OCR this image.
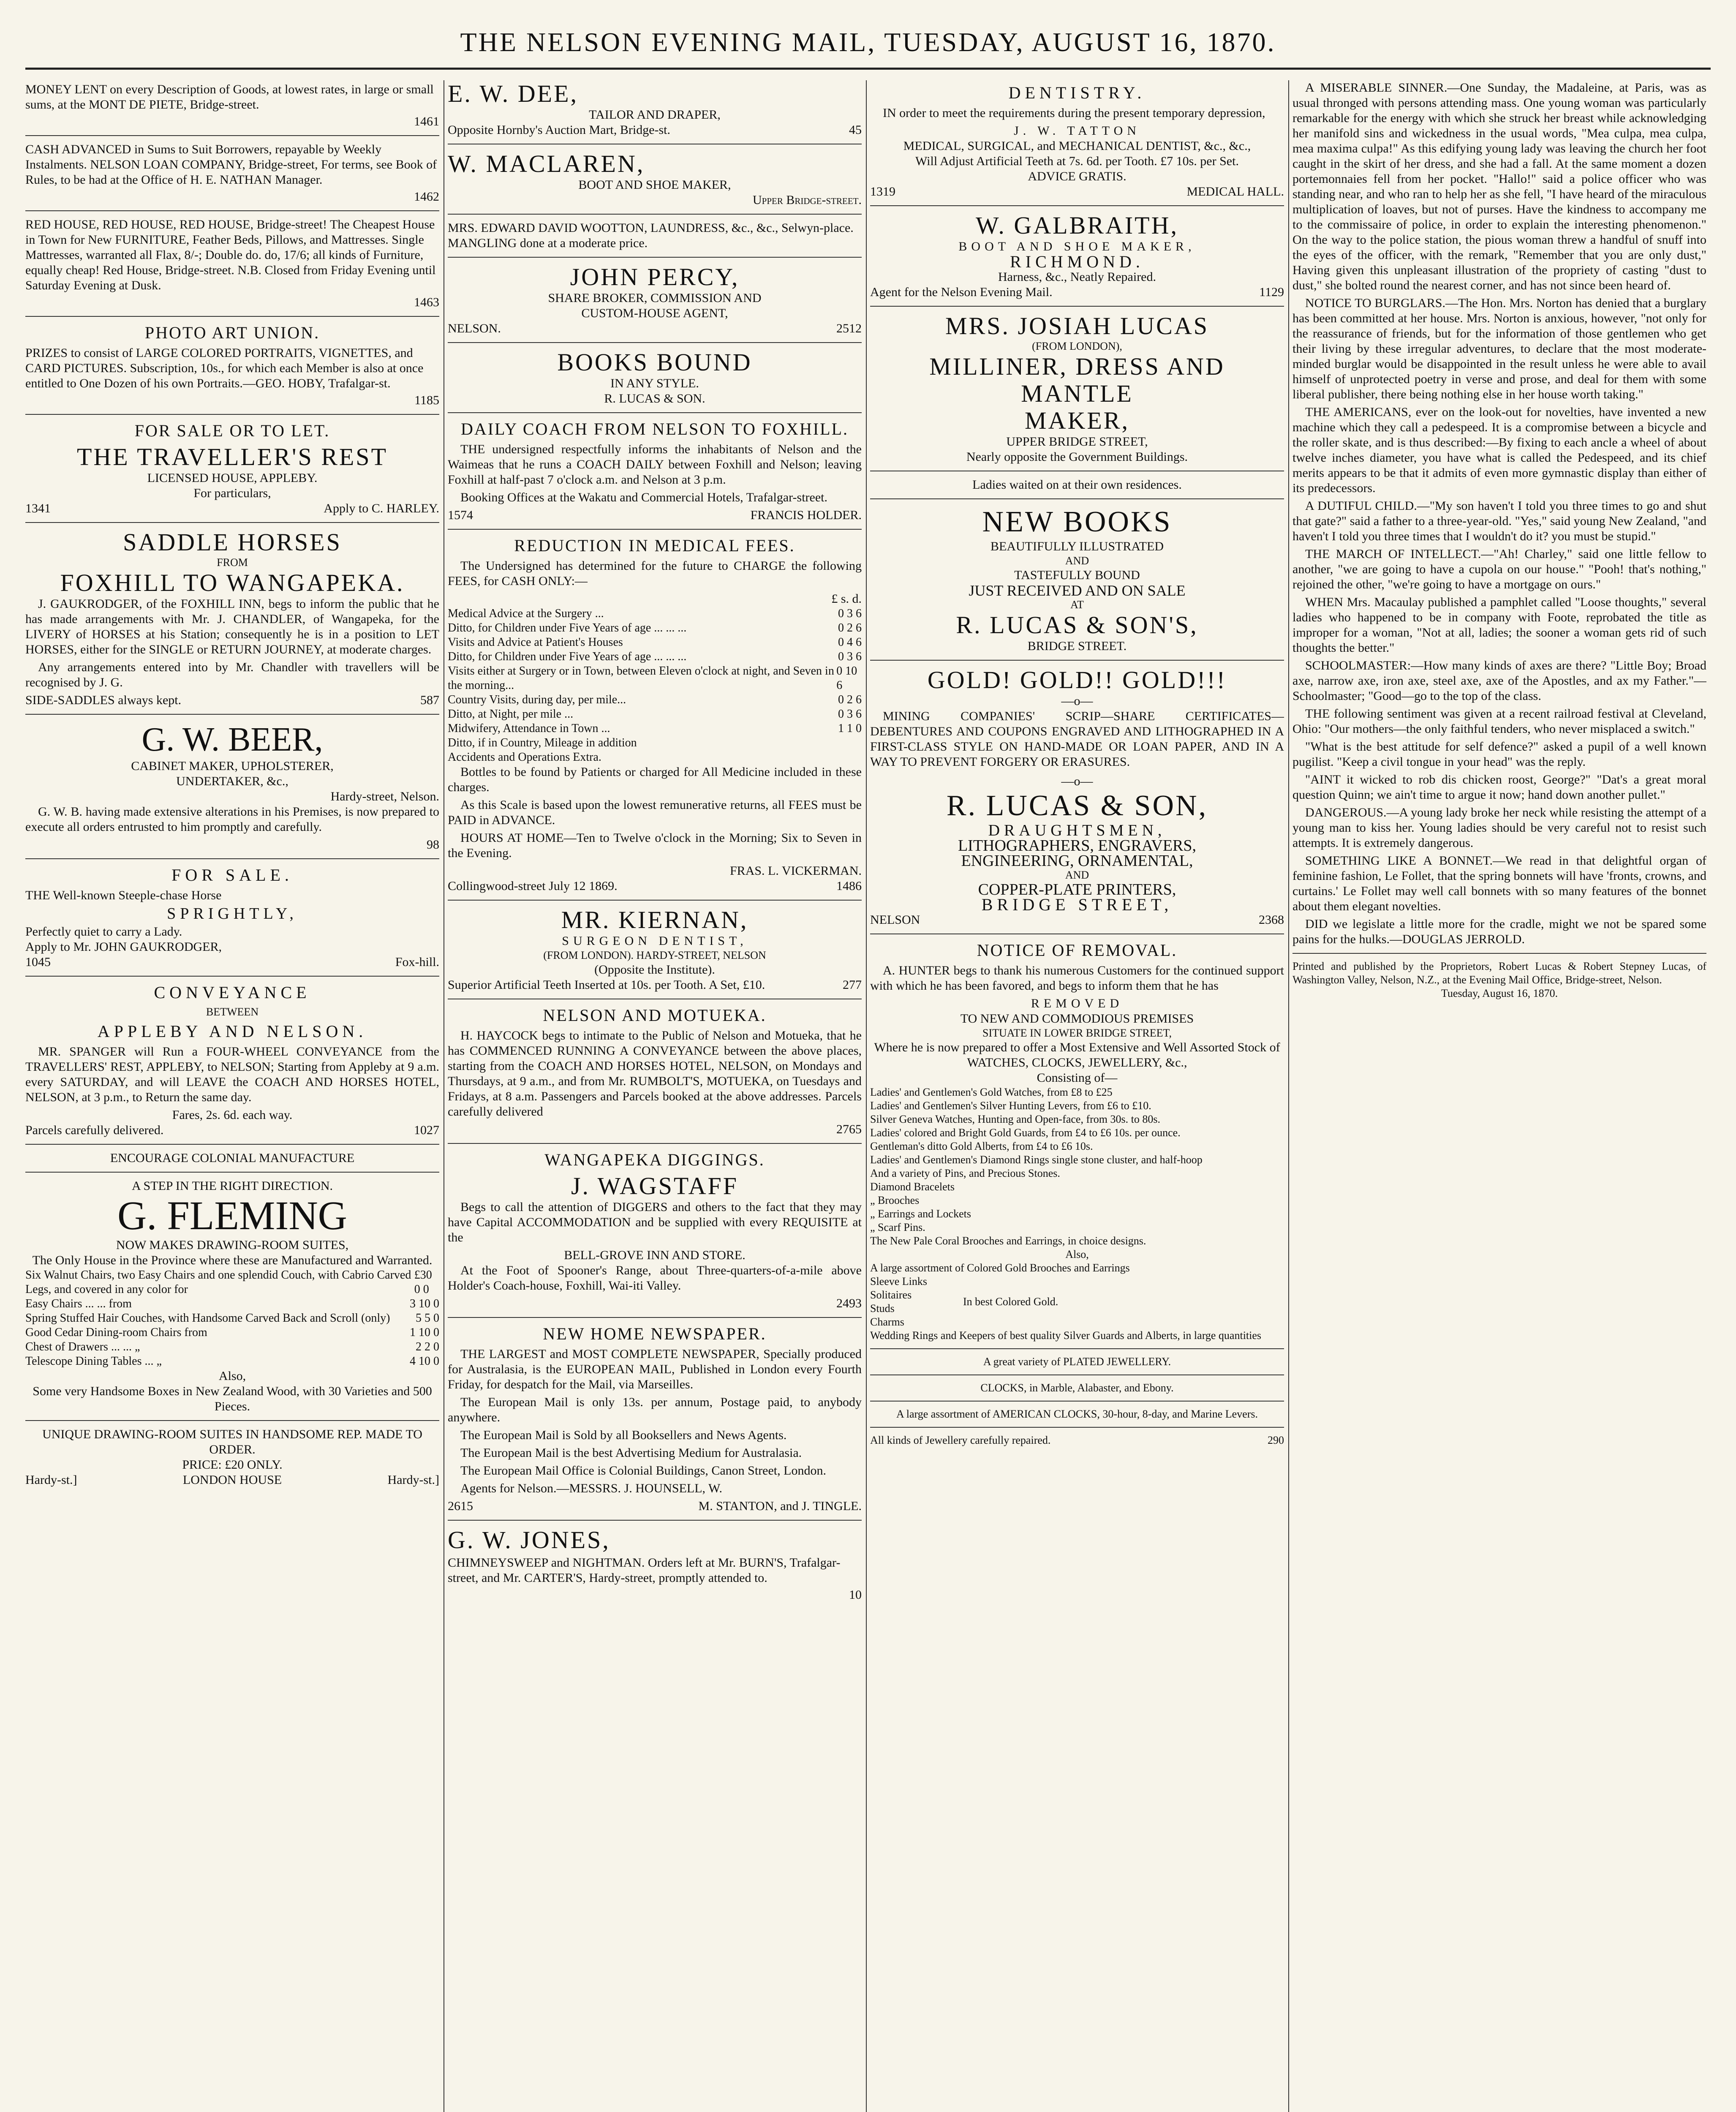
THE NELSON EVENING MAIL, TUESDAY, AUGUST 16, 1870.

MONEY LENT on every Description of Goods, at lowest rates, in large or small sums, at the MONT DE PIETE, Bridge-street.

1461

CASH ADVANCED in Sums to Suit Borrowers, repayable by Weekly Instalments. NELSON LOAN COMPANY, Bridge-street, For terms, see Book of Rules, to be had at the Office of H. E. NATHAN Manager.

1462

RED HOUSE, RED HOUSE, RED HOUSE, Bridge-street! The Cheapest House in Town for New FURNITURE, Feather Beds, Pillows, and Mattresses. Single Mattresses, warranted all Flax, 8/-; Double do. do, 17/6; all kinds of Furniture, equally cheap! Red House, Bridge-street. N.B. Closed from Friday Evening until Saturday Evening at Dusk.

1463
PHOTO ART UNION.

PRIZES to consist of LARGE COLORED PORTRAITS, VIGNETTES, and CARD PICTURES. Subscription, 10s., for which each Member is also at once entitled to One Dozen of his own Portraits.—GEO. HOBY, Trafalgar-st.

1185
FOR SALE OR TO LET.
THE TRAVELLER'S REST
LICENSED HOUSE, APPLEBY.
For particulars,
1341	Apply to C. HARLEY.
SADDLE HORSES
FROM
FOXHILL TO WANGAPEKA.

J. GAUKRODGER, of the FOXHILL INN, begs to inform the public that he has made arrangements with Mr. J. CHANDLER, of Wangapeka, for the LIVERY of HORSES at his Station; consequently he is in a position to LET HORSES, either for the SINGLE or RETURN JOURNEY, at moderate charges.

Any arrangements entered into by Mr. Chandler with travellers will be recognised by J. G.

SIDE-SADDLES always kept.	587
G. W. BEER,
CABINET MAKER, UPHOLSTERER,
UNDERTAKER, &c.,
Hardy-street, Nelson.

G. W. B. having made extensive alterations in his Premises, is now prepared to execute all orders entrusted to him promptly and carefully.

98
FOR SALE.
THE Well-known Steeple-chase Horse
SPRIGHTLY,
Perfectly quiet to carry a Lady.
Apply to Mr. JOHN GAUKRODGER,
1045	Fox-hill.
CONVEYANCE
BETWEEN
APPLEBY AND NELSON.

MR. SPANGER will Run a FOUR-WHEEL CONVEYANCE from the TRAVELLERS' REST, APPLEBY, to NELSON; Starting from Appleby at 9 a.m. every SATURDAY, and will LEAVE the COACH AND HORSES HOTEL, NELSON, at 3 p.m., to Return the same day.

Fares, 2s. 6d. each way.
Parcels carefully delivered.	1027
ENCOURAGE COLONIAL MANUFACTURE
A STEP IN THE RIGHT DIRECTION.
G. FLEMING
NOW MAKES DRAWING-ROOM SUITES,
The Only House in the Province where these are Manufactured and Warranted.
Six Walnut Chairs, two Easy Chairs and one splendid Couch, with Cabrio Carved Legs, and covered in any color for
£30 0 0
Easy Chairs ... ... from	3 10 0
Spring Stuffed Hair Couches, with Handsome Carved Back and Scroll (only) 5 5 0
Good Cedar Dining-room Chairs from	1 10 0
Chest of Drawers ... ... „	2 2 0
Telescope Dining Tables ... „	4 10 0
Also,
Some very Handsome Boxes in New Zealand Wood, with 30 Varieties and 500 Pieces.
UNIQUE DRAWING-ROOM SUITES IN HANDSOME REP. MADE TO ORDER.
PRICE: £20 ONLY.
Hardy-st.]	LONDON HOUSE	Hardy-st.]
E. W. DEE,
TAILOR AND DRAPER,
Opposite Hornby's Auction Mart, Bridge-st.	45
W. MACLAREN,
BOOT AND SHOE MAKER,
Upper Bridge-street.

MRS. EDWARD DAVID WOOTTON, LAUNDRESS, &c., &c., Selwyn-place. MANGLING done at a moderate price.

JOHN PERCY,
SHARE BROKER, COMMISSION AND
CUSTOM-HOUSE AGENT,
NELSON.	2512
BOOKS BOUND
IN ANY STYLE.
R. LUCAS & SON.
DAILY COACH FROM NELSON TO FOXHILL.

THE undersigned respectfully informs the inhabitants of Nelson and the Waimeas that he runs a COACH DAILY between Foxhill and Nelson; leaving Foxhill at half-past 7 o'clock a.m. and Nelson at 3 p.m.

Booking Offices at the Wakatu and Commercial Hotels, Trafalgar-street.

1574	FRANCIS HOLDER.
REDUCTION IN MEDICAL FEES.

The Undersigned has determined for the future to CHARGE the following FEES, for CASH ONLY:—

£ s. d.
Medical Advice at the Surgery ...	0 3 6
Ditto, for Children under Five Years of age ... ... ...	0 2 6
Visits and Advice at Patient's Houses	0 4 6
Ditto, for Children under Five Years of age ... ... ...	0 3 6
Visits either at Surgery or in Town, between Eleven o'clock at night, and Seven in the morning...
0 10 6
Country Visits, during day, per mile...	0 2 6
Ditto, at Night, per mile ...	0 3 6
Midwifery, Attendance in Town ...	1 1 0
Ditto, if in Country, Mileage in addition
Accidents and Operations Extra.

Bottles to be found by Patients or charged for All Medicine included in these charges.

As this Scale is based upon the lowest remunerative returns, all FEES must be PAID in ADVANCE.

HOURS AT HOME—Ten to Twelve o'clock in the Morning; Six to Seven in the Evening.

FRAS. L. VICKERMAN.
Collingwood-street July 12 1869.	1486
MR. KIERNAN,
SURGEON DENTIST,
(FROM LONDON). HARDY-STREET, NELSON
(Opposite the Institute).
Superior Artificial Teeth Inserted at 10s. per Tooth. A Set, £10.	277
NELSON AND MOTUEKA.

H. HAYCOCK begs to intimate to the Public of Nelson and Motueka, that he has COMMENCED RUNNING A CONVEYANCE between the above places, starting from the COACH AND HORSES HOTEL, NELSON, on Mondays and Thursdays, at 9 a.m., and from Mr. RUMBOLT'S, MOTUEKA, on Tuesdays and Fridays, at 8 a.m. Passengers and Parcels booked at the above addresses. Parcels carefully delivered

2765
WANGAPEKA DIGGINGS.
J. WAGSTAFF

Begs to call the attention of DIGGERS and others to the fact that they may have Capital ACCOMMODATION and be supplied with every REQUISITE at the

BELL-GROVE INN AND STORE.

At the Foot of Spooner's Range, about Three-quarters-of-a-mile above Holder's Coach-house, Foxhill, Wai-iti Valley.

2493
NEW HOME NEWSPAPER.

THE LARGEST and MOST COMPLETE NEWSPAPER, Specially produced for Australasia, is the EUROPEAN MAIL, Published in London every Fourth Friday, for despatch for the Mail, via Marseilles.

The European Mail is only 13s. per annum, Postage paid, to anybody anywhere.

The European Mail is Sold by all Booksellers and News Agents.

The European Mail is the best Advertising Medium for Australasia.

The European Mail Office is Colonial Buildings, Canon Street, London.

Agents for Nelson.—MESSRS. J. HOUNSELL, W.

2615	M. STANTON, and J. TINGLE.
G. W. JONES,

CHIMNEYSWEEP and NIGHTMAN. Orders left at Mr. BURN'S, Trafalgar-street, and Mr. CARTER'S, Hardy-street, promptly attended to.

10
DENTISTRY.

IN order to meet the requirements during the present temporary depression,

J. W. TATTON
MEDICAL, SURGICAL, and MECHANICAL DENTIST, &c., &c.,
Will Adjust Artificial Teeth at 7s. 6d. per Tooth. £7 10s. per Set.
ADVICE GRATIS.
1319	MEDICAL HALL.
W. GALBRAITH,
BOOT AND SHOE MAKER,
RICHMOND.
Harness, &c., Neatly Repaired.
Agent for the Nelson Evening Mail.	1129
MRS. JOSIAH LUCAS
(FROM LONDON),
MILLINER, DRESS AND MANTLE
MAKER,
UPPER BRIDGE STREET,
Nearly opposite the Government Buildings.
Ladies waited on at their own residences.
NEW BOOKS
BEAUTIFULLY ILLUSTRATED
AND
TASTEFULLY BOUND
JUST RECEIVED AND ON SALE
AT
R. LUCAS & SON'S,
BRIDGE STREET.
GOLD! GOLD!! GOLD!!!
—o—

MINING COMPANIES' SCRIP—SHARE CERTIFICATES—DEBENTURES AND COUPONS ENGRAVED AND LITHOGRAPHED IN A FIRST-CLASS STYLE ON HAND-MADE OR LOAN PAPER, AND IN A WAY TO PREVENT FORGERY OR ERASURES.

—o—
R. LUCAS & SON,
DRAUGHTSMEN,
LITHOGRAPHERS, ENGRAVERS,
ENGINEERING, ORNAMENTAL,
AND
COPPER-PLATE PRINTERS,
BRIDGE STREET,
NELSON	2368
NOTICE OF REMOVAL.

A. HUNTER begs to thank his numerous Customers for the continued support with which he has been favored, and begs to inform them that he has

REMOVED
TO NEW AND COMMODIOUS PREMISES
SITUATE IN LOWER BRIDGE STREET,
Where he is now prepared to offer a Most Extensive and Well Assorted Stock of
WATCHES, CLOCKS, JEWELLERY, &c.,
Consisting of—
Ladies' and Gentlemen's Gold Watches, from £8 to £25
Ladies' and Gentlemen's Silver Hunting Levers, from £6 to £10.
Silver Geneva Watches, Hunting and Open-face, from 30s. to 80s.
Ladies' colored and Bright Gold Guards, from £4 to £6 10s. per ounce.
Gentleman's ditto Gold Alberts, from £4 to £6 10s.
Ladies' and Gentlemen's Diamond Rings single stone cluster, and half-hoop
And a variety of Pins, and Precious Stones.
Diamond Bracelets
„ Brooches
„ Earrings and Lockets
„ Scarf Pins.
The New Pale Coral Brooches and Earrings, in choice designs.
Also,
A large assortment of Colored Gold Brooches and Earrings
Sleeve Links
Solitaires
Studs
Charms
In best Colored Gold.
Wedding Rings and Keepers of best quality Silver Guards and Alberts, in large quantities
A great variety of PLATED JEWELLERY.
CLOCKS, in Marble, Alabaster, and Ebony.
A large assortment of AMERICAN CLOCKS, 30-hour, 8-day, and Marine Levers.
All kinds of Jewellery carefully repaired.	290

A MISERABLE SINNER.—One Sunday, the Madaleine, at Paris, was as usual thronged with persons attending mass. One young woman was particularly remarkable for the energy with which she struck her breast while acknowledging her manifold sins and wickedness in the usual words, "Mea culpa, mea culpa, mea maxima culpa!" As this edifying young lady was leaving the church her foot caught in the skirt of her dress, and she had a fall. At the same moment a dozen portemonnaies fell from her pocket. "Hallo!" said a police officer who was standing near, and who ran to help her as she fell, "I have heard of the miraculous multiplication of loaves, but not of purses. Have the kindness to accompany me to the commissaire of police, in order to explain the interesting phenomenon." On the way to the police station, the pious woman threw a handful of snuff into the eyes of the officer, with the remark, "Remember that you are only dust," Having given this unpleasant illustration of the propriety of casting "dust to dust," she bolted round the nearest corner, and has not since been heard of.

NOTICE TO BURGLARS.—The Hon. Mrs. Norton has denied that a burglary has been committed at her house. Mrs. Norton is anxious, however, "not only for the reassurance of friends, but for the information of those gentlemen who get their living by these irregular adventures, to declare that the most moderate-minded burglar would be disappointed in the result unless he were able to avail himself of unprotected poetry in verse and prose, and deal for them with some liberal publisher, there being nothing else in her house worth taking."

THE AMERICANS, ever on the look-out for novelties, have invented a new machine which they call a pedespeed. It is a compromise between a bicycle and the roller skate, and is thus described:—By fixing to each ancle a wheel of about twelve inches diameter, you have what is called the Pedespeed, and its chief merits appears to be that it admits of even more gymnastic display than either of its predecessors.

A DUTIFUL CHILD.—"My son haven't I told you three times to go and shut that gate?" said a father to a three-year-old. "Yes," said young New Zealand, "and haven't I told you three times that I wouldn't do it? you must be stupid."

THE MARCH OF INTELLECT.—"Ah! Charley," said one little fellow to another, "we are going to have a cupola on our house." "Pooh! that's nothing," rejoined the other, "we're going to have a mortgage on ours."

WHEN Mrs. Macaulay published a pamphlet called "Loose thoughts," several ladies who happened to be in company with Foote, reprobated the title as improper for a woman, "Not at all, ladies; the sooner a woman gets rid of such thoughts the better."

SCHOOLMASTER:—How many kinds of axes are there? "Little Boy; Broad axe, narrow axe, iron axe, steel axe, axe of the Apostles, and ax my Father."—Schoolmaster; "Good—go to the top of the class.

THE following sentiment was given at a recent railroad festival at Cleveland, Ohio: "Our mothers—the only faithful tenders, who never misplaced a switch."

"What is the best attitude for self defence?" asked a pupil of a well known pugilist. "Keep a civil tongue in your head" was the reply.

"AINT it wicked to rob dis chicken roost, George?" "Dat's a great moral question Quinn; we ain't time to argue it now; hand down another pullet."

DANGEROUS.—A young lady broke her neck while resisting the attempt of a young man to kiss her. Young ladies should be very careful not to resist such attempts. It is extremely dangerous.

SOMETHING LIKE A BONNET.—We read in that delightful organ of feminine fashion, Le Follet, that the spring bonnets will have 'fronts, crowns, and curtains.' Le Follet may well call bonnets with so many features of the bonnet about them elegant novelties.

DID we legislate a little more for the cradle, might we not be spared some pains for the hulks.—DOUGLAS JERROLD.

Printed and published by the Proprietors, Robert Lucas & Robert Stepney Lucas, of Washington Valley, Nelson, N.Z., at the Evening Mail Office, Bridge-street, Nelson.
Tuesday, August 16, 1870.
